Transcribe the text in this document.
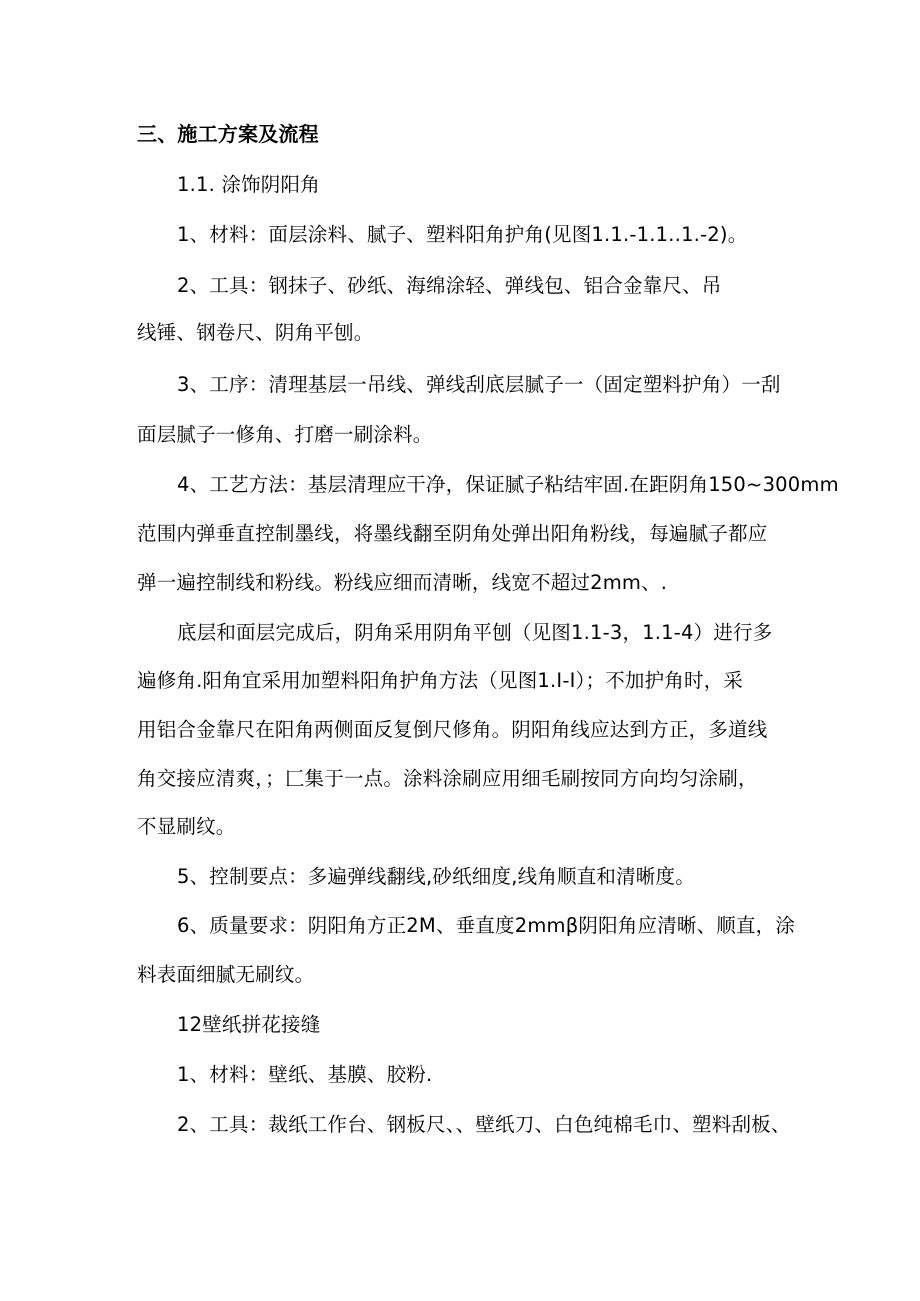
三、施工方案及流程
1.1. 涂饰阴阳角
1、材料：面层涂料、腻子、塑料阳角护角(见图1.1.-1.1..1.-2)。
2、工具：钢抹子、砂纸、海绵涂轻、弹线包、铝合金靠尺、吊
线锤、钢卷尺、阴角平刨。
3、工序：清理基层一吊线、弹线刮底层腻子一（固定塑料护角）一刮
面层腻子一修角、打磨一刷涂料。
4、工艺方法：基层清理应干净，保证腻子粘结牢固.在距阴角150~300mm
范围内弹垂直控制墨线，将墨线翻至阴角处弹出阳角粉线，每遍腻子都应
弹一遍控制线和粉线。粉线应细而清晰，线宽不超过2mm、.
底层和面层完成后，阴角采用阴角平刨（见图1.1-3，1.1-4）进行多
遍修角.阳角宜采用加塑料阳角护角方法（见图1.I-I）；不加护角时，采
用铝合金靠尺在阳角两侧面反复倒尺修角。阴阳角线应达到方正，多道线
角交接应清爽，；匚集于一点。涂料涂刷应用细毛刷按同方向均匀涂刷，
不显刷纹。
5、控制要点：多遍弹线翻线,砂纸细度,线角顺直和清晰度。
6、质量要求：阴阳角方正2M、垂直度2mmβ阴阳角应清晰、顺直，涂
料表面细腻无刷纹。
12壁纸拼花接缝
1、材料：壁纸、基膜、胶粉.
2、工具：裁纸工作台、钢板尺、、壁纸刀、白色纯棉毛巾、塑料刮板、
